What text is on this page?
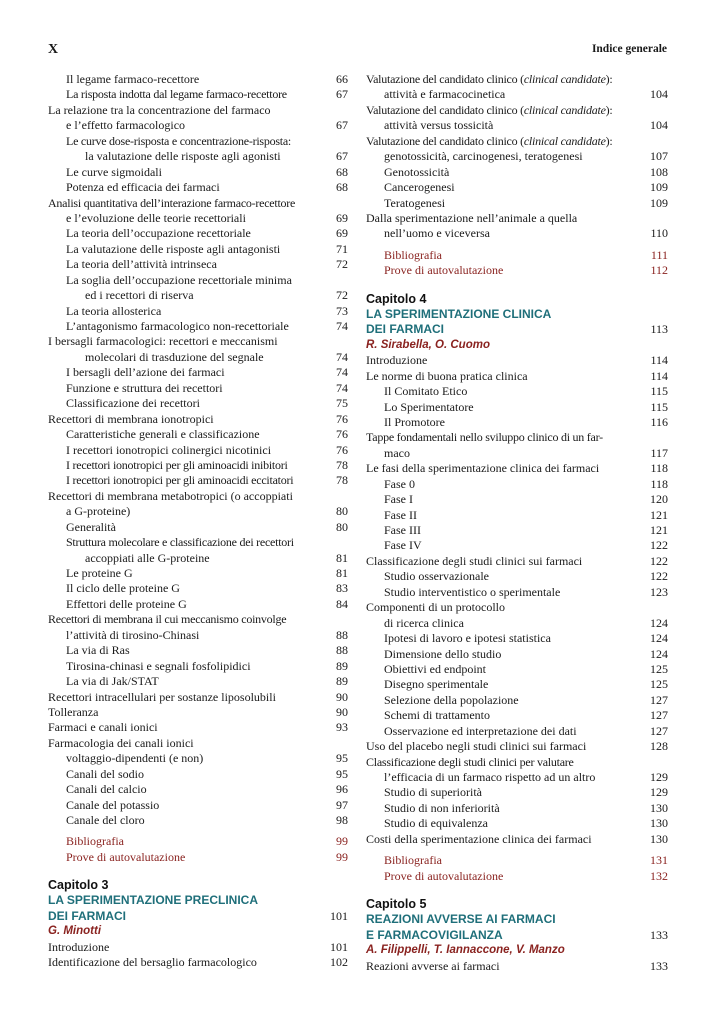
X	Indice generale
Il legame farmaco-recettore	66
La risposta indotta dal legame farmaco-recettore	67
La relazione tra la concentrazione del farmaco
e l’effetto farmacologico	67
Le curve dose-risposta e concentrazione-risposta:
la valutazione delle risposte agli agonisti	67
Le curve sigmoidali	68
Potenza ed efficacia dei farmaci	68
Analisi quantitativa dell’interazione farmaco-recettore
e l’evoluzione delle teorie recettoriali	69
La teoria dell’occupazione recettoriale	69
La valutazione delle risposte agli antagonisti	71
La teoria dell’attività intrinseca	72
La soglia dell’occupazione recettoriale minima
ed i recettori di riserva	72
La teoria allosterica	73
L’antagonismo farmacologico non-recettoriale	74
I bersagli farmacologici: recettori e meccanismi
molecolari di trasduzione del segnale	74
I bersagli dell’azione dei farmaci	74
Funzione e struttura dei recettori	74
Classificazione dei recettori	75
Recettori di membrana ionotropici	76
Caratteristiche generali e classificazione	76
I recettori ionotropici colinergici nicotinici	76
I recettori ionotropici per gli aminoacidi inibitori	78
I recettori ionotropici per gli aminoacidi eccitatori	78
Recettori di membrana metabotropici (o accoppiati
a G-proteine)	80
Generalità	80
Struttura molecolare e classificazione dei recettori
accoppiati alle G-proteine	81
Le proteine G	81
Il ciclo delle proteine G	83
Effettori delle proteine G	84
Recettori di membrana il cui meccanismo coinvolge
l’attività di tirosino-Chinasi	88
La via di Ras	88
Tirosina-chinasi e segnali fosfolipidici	89
La via di Jak/STAT	89
Recettori intracellulari per sostanze liposolubili	90
Tolleranza	90
Farmaci e canali ionici	93
Farmacologia dei canali ionici
voltaggio-dipendenti (e non)	95
Canali del sodio	95
Canali del calcio	96
Canale del potassio	97
Canale del cloro	98
Bibliografia	99
Prove di autovalutazione	99
Capitolo 3
LA SPERIMENTAZIONE PRECLINICA
DEI FARMACI	101
G. Minotti
Introduzione	101
Identificazione del bersaglio farmacologico	102
Valutazione del candidato clinico (clinical candidate):
attività e farmacocinetica	104
Valutazione del candidato clinico (clinical candidate):
attività versus tossicità	104
Valutazione del candidato clinico (clinical candidate):
genotossicità, carcinogenesi, teratogenesi	107
Genotossicità	108
Cancerogenesi	109
Teratogenesi	109
Dalla sperimentazione nell’animale a quella
nell’uomo e viceversa	110
Bibliografia	111
Prove di autovalutazione	112
Capitolo 4
LA SPERIMENTAZIONE CLINICA
DEI FARMACI	113
R. Sirabella, O. Cuomo
Introduzione	114
Le norme di buona pratica clinica	114
Il Comitato Etico	115
Lo Sperimentatore	115
Il Promotore	116
Tappe fondamentali nello sviluppo clinico di un far-
maco	117
Le fasi della sperimentazione clinica dei farmaci	118
Fase 0	118
Fase I	120
Fase II	121
Fase III	121
Fase IV	122
Classificazione degli studi clinici sui farmaci	122
Studio osservazionale	122
Studio interventistico o sperimentale	123
Componenti di un protocollo
di ricerca clinica	124
Ipotesi di lavoro e ipotesi statistica	124
Dimensione dello studio	124
Obiettivi ed endpoint	125
Disegno sperimentale	125
Selezione della popolazione	127
Schemi di trattamento	127
Osservazione ed interpretazione dei dati	127
Uso del placebo negli studi clinici sui farmaci	128
Classificazione degli studi clinici per valutare
l’efficacia di un farmaco rispetto ad un altro	129
Studio di superiorità	129
Studio di non inferiorità	130
Studio di equivalenza	130
Costi della sperimentazione clinica dei farmaci	130
Bibliografia	131
Prove di autovalutazione	132
Capitolo 5
REAZIONI AVVERSE AI FARMACI
E FARMACOVIGILANZA	133
A. Filippelli, T. Iannaccone, V. Manzo
Reazioni avverse ai farmaci	133
